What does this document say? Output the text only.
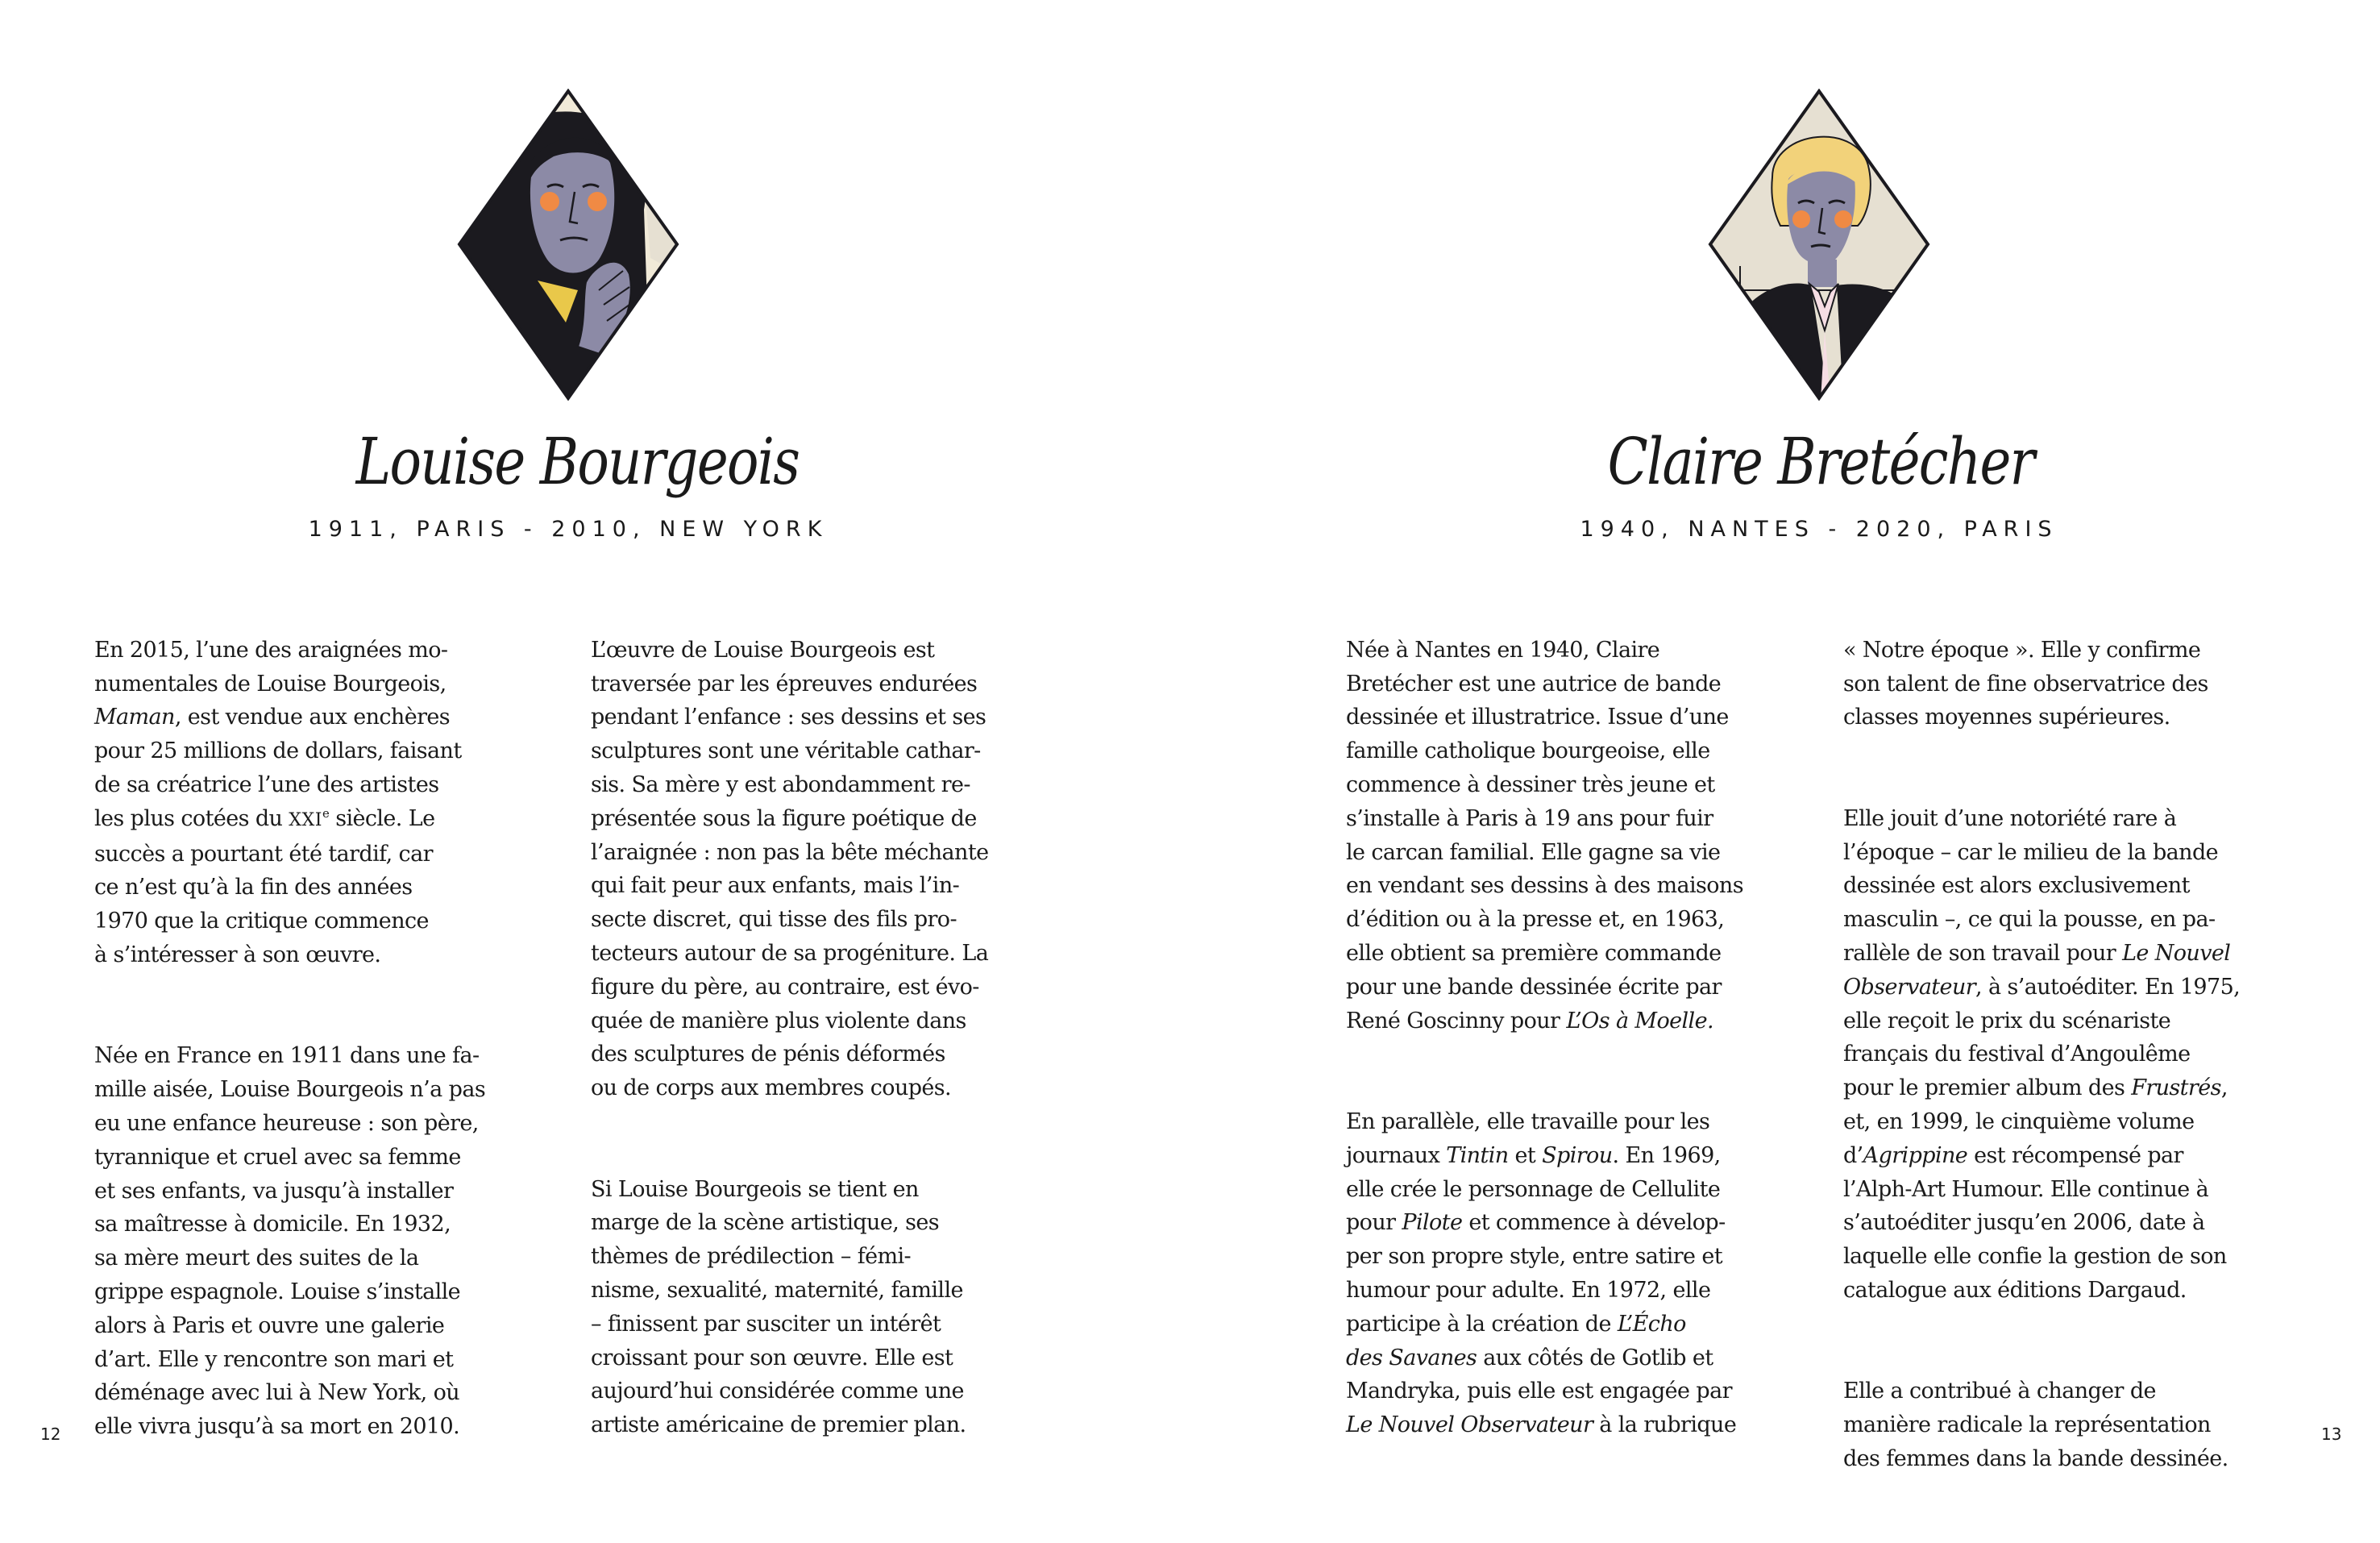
Louise Bourgeois
1911, PARIS - 2010, NEW YORK

En 2015, l’une des araignées mo-
numentales de Louise Bourgeois,
Maman, est vendue aux enchères
pour 25 millions de dollars, faisant
de sa créatrice l’une des artistes
les plus cotées du XXIe siècle. Le
succès a pourtant été tardif, car
ce n’est qu’à la fin des années
1970 que la critique commence
à s’intéresser à son œuvre.

Née en France en 1911 dans une fa-
mille aisée, Louise Bourgeois n’a pas
eu une enfance heureuse : son père,
tyrannique et cruel avec sa femme
et ses enfants, va jusqu’à installer
sa maîtresse à domicile. En 1932,
sa mère meurt des suites de la
grippe espagnole. Louise s’installe
alors à Paris et ouvre une galerie
d’art. Elle y rencontre son mari et
déménage avec lui à New York, où
elle vivra jusqu’à sa mort en 2010.

L’œuvre de Louise Bourgeois est
traversée par les épreuves endurées
pendant l’enfance : ses dessins et ses
sculptures sont une véritable cathar-
sis. Sa mère y est abondamment re-
présentée sous la figure poétique de
l’araignée : non pas la bête méchante
qui fait peur aux enfants, mais l’in-
secte discret, qui tisse des fils pro-
tecteurs autour de sa progéniture. La
figure du père, au contraire, est évo-
quée de manière plus violente dans
des sculptures de pénis déformés
ou de corps aux membres coupés.

Si Louise Bourgeois se tient en
marge de la scène artistique, ses
thèmes de prédilection – fémi-
nisme, sexualité, maternité, famille
– finissent par susciter un intérêt
croissant pour son œuvre. Elle est
aujourd’hui considérée comme une
artiste américaine de premier plan.

12
Claire Bretécher
1940, NANTES - 2020, PARIS

Née à Nantes en 1940, Claire
Bretécher est une autrice de bande
dessinée et illustratrice. Issue d’une
famille catholique bourgeoise, elle
commence à dessiner très jeune et
s’installe à Paris à 19 ans pour fuir
le carcan familial. Elle gagne sa vie
en vendant ses dessins à des maisons
d’édition ou à la presse et, en 1963,
elle obtient sa première commande
pour une bande dessinée écrite par
René Goscinny pour L’Os à Moelle.

En parallèle, elle travaille pour les
journaux Tintin et Spirou. En 1969,
elle crée le personnage de Cellulite
pour Pilote et commence à dévelop-
per son propre style, entre satire et
humour pour adulte. En 1972, elle
participe à la création de L’Écho
des Savanes aux côtés de Gotlib et
Mandryka, puis elle est engagée par
Le Nouvel Observateur à la rubrique

« Notre époque ». Elle y confirme
son talent de fine observatrice des
classes moyennes supérieures.

Elle jouit d’une notoriété rare à
l’époque – car le milieu de la bande
dessinée est alors exclusivement
masculin –, ce qui la pousse, en pa-
rallèle de son travail pour Le Nouvel
Observateur, à s’autoéditer. En 1975,
elle reçoit le prix du scénariste
français du festival d’Angoulême
pour le premier album des Frustrés,
et, en 1999, le cinquième volume
d’Agrippine est récompensé par
l’Alph-Art Humour. Elle continue à
s’autoéditer jusqu’en 2006, date à
laquelle elle confie la gestion de son
catalogue aux éditions Dargaud.

Elle a contribué à changer de
manière radicale la représentation
des femmes dans la bande dessinée.

13
